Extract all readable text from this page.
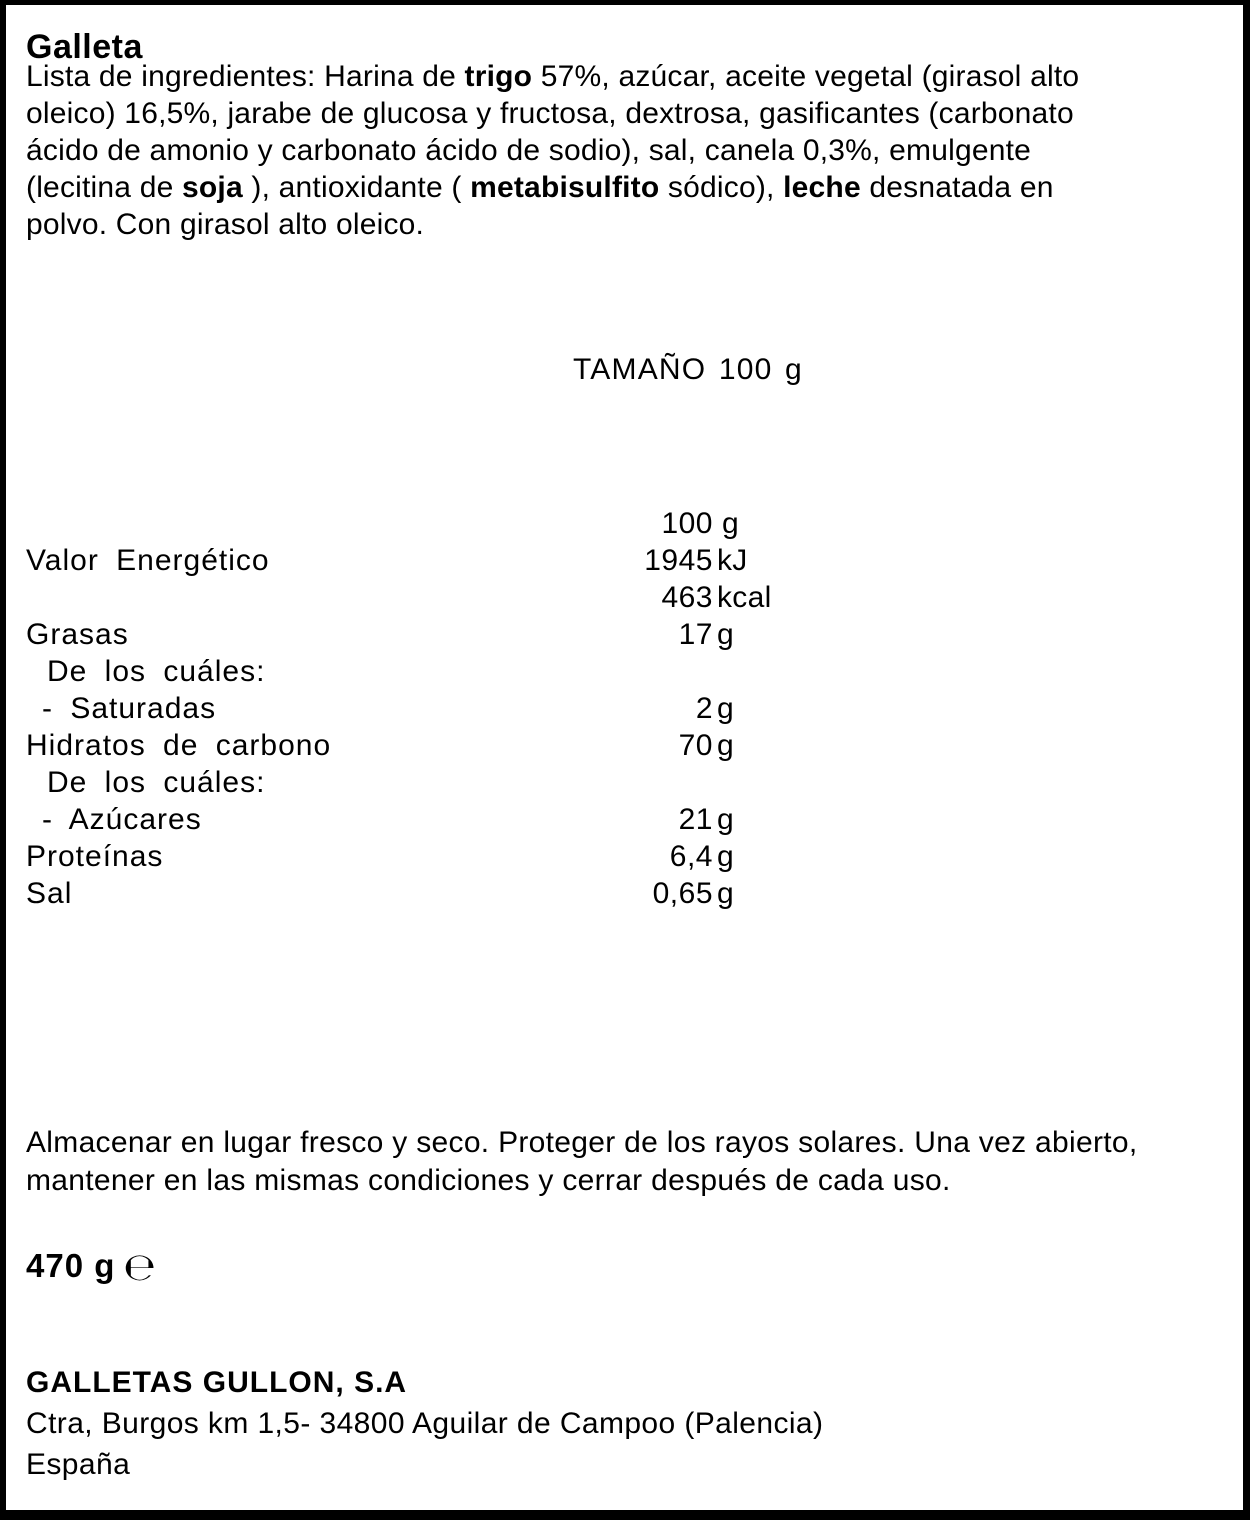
Galleta
Lista de ingredientes: Harina de trigo 57%, azúcar, aceite vegetal (girasol alto
oleico) 16,5%, jarabe de glucosa y fructosa, dextrosa, gasificantes (carbonato
ácido de amonio y carbonato ácido de sodio), sal, canela 0,3%, emulgente
(lecitina de soja ), antioxidante ( metabisulfito sódico), leche desnatada en
polvo. Con girasol alto oleico.
TAMAÑO 100 g
100 g
Valor Energético	1945 kJ
463 kcal
Grasas	17 g
De los cuáles:
- Saturadas	2 g
Hidratos de carbono	70 g
De los cuáles:
- Azúcares	21 g
Proteínas	6,4 g
Sal	0,65 g
Almacenar en lugar fresco y seco. Proteger de los rayos solares. Una vez abierto,
mantener en las mismas condiciones y cerrar después de cada uso.
470 g ℮
GALLETAS GULLON, S.A
Ctra, Burgos km 1,5- 34800 Aguilar de Campoo (Palencia)
España
